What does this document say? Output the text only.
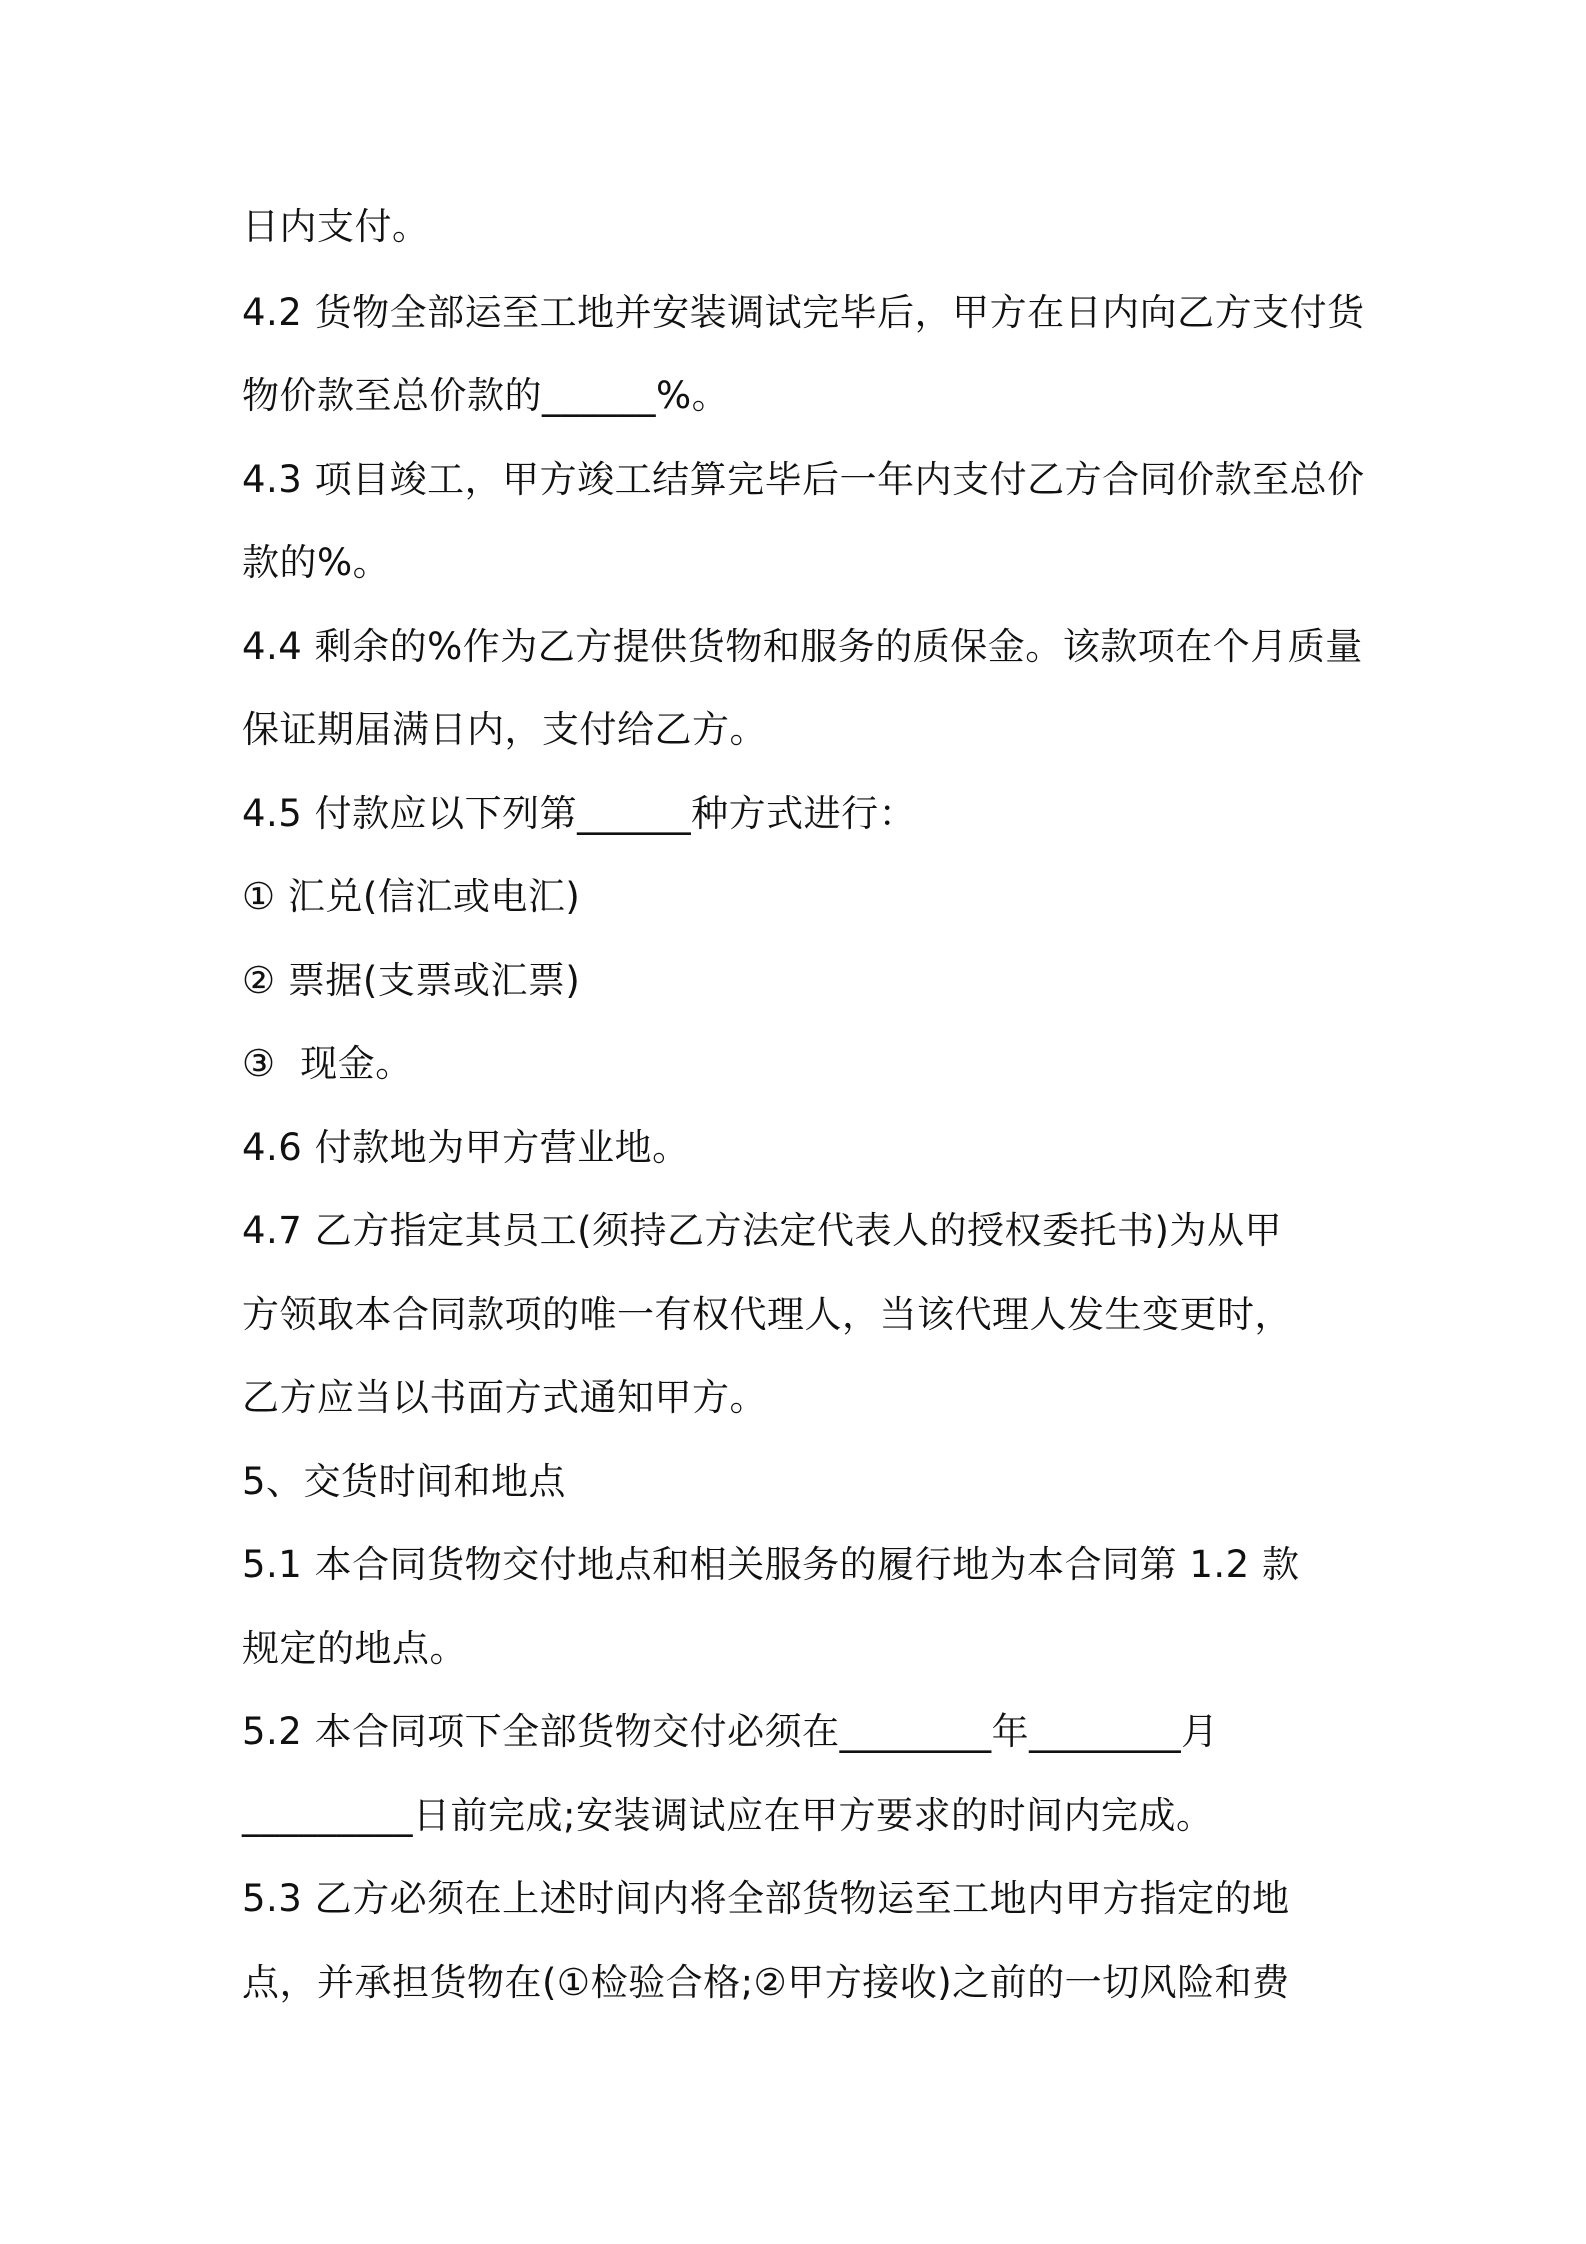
日内支付。

4.2 货物全部运至工地并安装调试完毕后，甲方在日内向乙方支付货

物价款至总价款的______%。

4.3 项目竣工，甲方竣工结算完毕后一年内支付乙方合同价款至总价

款的%。

4.4 剩余的%作为乙方提供货物和服务的质保金。该款项在个月质量

保证期届满日内，支付给乙方。

4.5 付款应以下列第______种方式进行：

① 汇兑(信汇或电汇)

② 票据(支票或汇票)

③  现金。

4.6 付款地为甲方营业地。

4.7 乙方指定其员工(须持乙方法定代表人的授权委托书)为从甲

方领取本合同款项的唯一有权代理人，当该代理人发生变更时，

乙方应当以书面方式通知甲方。

5、交货时间和地点

5.1 本合同货物交付地点和相关服务的履行地为本合同第 1.2 款

规定的地点。

5.2 本合同项下全部货物交付必须在________年________月

_________日前完成;安装调试应在甲方要求的时间内完成。

5.3 乙方必须在上述时间内将全部货物运至工地内甲方指定的地

点，并承担货物在(①检验合格;②甲方接收)之前的一切风险和费
